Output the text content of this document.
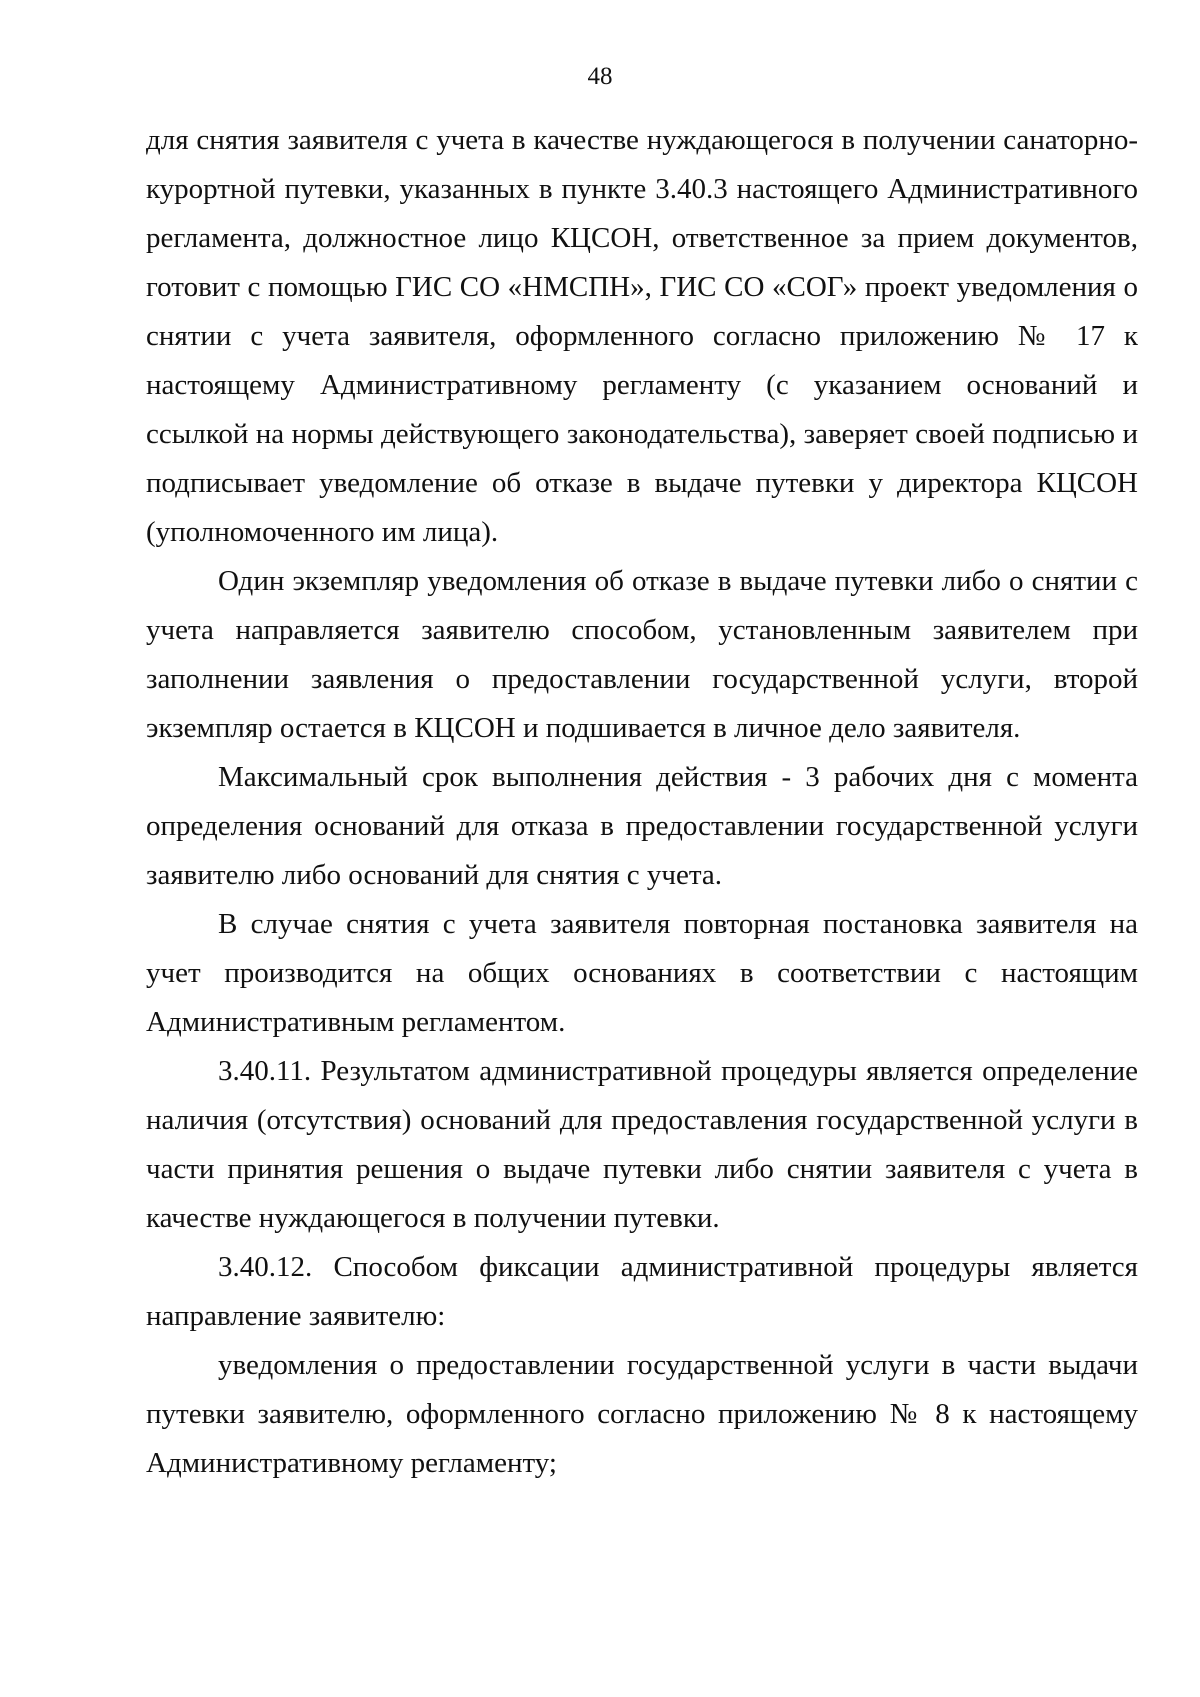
48

для снятия заявителя с учета в качестве нуждающегося в получении санаторно-курортной путевки, указанных в пункте 3.40.3 настоящего Административного регламента, должностное лицо КЦСОН, ответственное за прием документов, готовит с помощью ГИС СО «НМСПН», ГИС СО «СОГ» проект уведомления о снятии с учета заявителя, оформленного согласно приложению № 17 к настоящему Административному регламенту (с указанием оснований и ссылкой на нормы действующего законодательства), заверяет своей подписью и подписывает уведомление об отказе в выдаче путевки у директора КЦСОН (уполномоченного им лица).

Один экземпляр уведомления об отказе в выдаче путевки либо о снятии с учета направляется заявителю способом, установленным заявителем при заполнении заявления о предоставлении государственной услуги, второй экземпляр остается в КЦСОН и подшивается в личное дело заявителя.

Максимальный срок выполнения действия - 3 рабочих дня с момента определения оснований для отказа в предоставлении государственной услуги заявителю либо оснований для снятия с учета.

В случае снятия с учета заявителя повторная постановка заявителя на учет производится на общих основаниях в соответствии с настоящим Административным регламентом.

3.40.11. Результатом административной процедуры является определение наличия (отсутствия) оснований для предоставления государственной услуги в части принятия решения о выдаче путевки либо снятии заявителя с учета в качестве нуждающегося в получении путевки.

3.40.12. Способом фиксации административной процедуры является направление заявителю:

уведомления о предоставлении государственной услуги в части выдачи путевки заявителю, оформленного согласно приложению № 8 к настоящему Административному регламенту;
